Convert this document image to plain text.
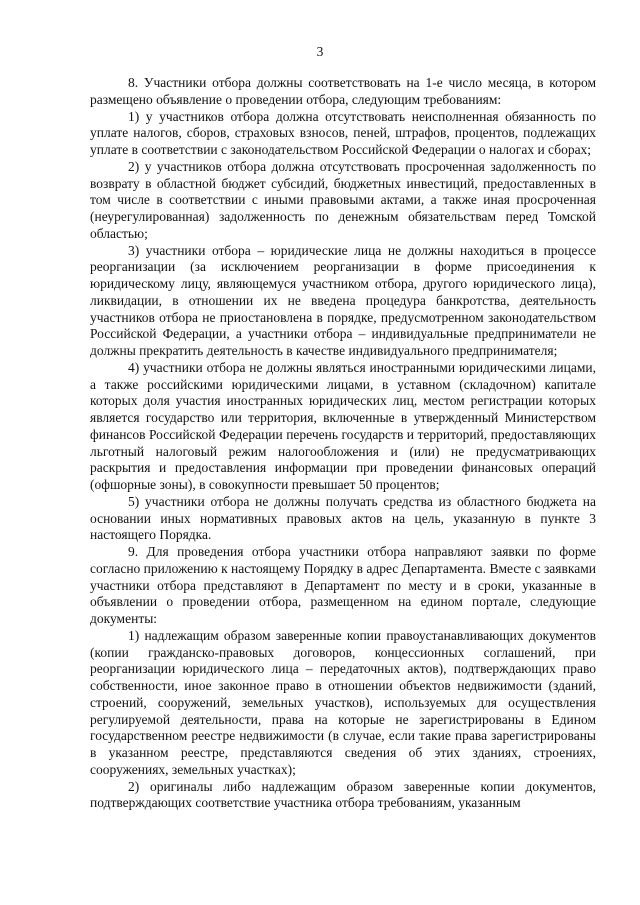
3

8. Участники отбора должны соответствовать на 1-е число месяца, в котором размещено объявление о проведении отбора, следующим требованиям:

1) у участников отбора должна отсутствовать неисполненная обязанность по уплате налогов, сборов, страховых взносов, пеней, штрафов, процентов, подлежащих уплате в соответствии с законодательством Российской Федерации о налогах и сборах;

2) у участников отбора должна отсутствовать просроченная задолженность по возврату в областной бюджет субсидий, бюджетных инвестиций, предоставленных в том числе в соответствии с иными правовыми актами, а также иная просроченная (неурегулированная) задолженность по денежным обязательствам перед Томской областью;

3) участники отбора – юридические лица не должны находиться в процессе реорганизации (за исключением реорганизации в форме присоединения к юридическому лицу, являющемуся участником отбора, другого юридического лица), ликвидации, в отношении их не введена процедура банкротства, деятельность участников отбора не приостановлена в порядке, предусмотренном законодательством Российской Федерации, а участники отбора – индивидуальные предприниматели не должны прекратить деятельность в качестве индивидуального предпринимателя;

4) участники отбора не должны являться иностранными юридическими лицами, а также российскими юридическими лицами, в уставном (складочном) капитале которых доля участия иностранных юридических лиц, местом регистрации которых является государство или территория, включенные в утвержденный Министерством финансов Российской Федерации перечень государств и территорий, предоставляющих льготный налоговый режим налогообложения и (или) не предусматривающих раскрытия и предоставления информации при проведении финансовых операций (офшорные зоны), в совокупности превышает 50 процентов;

5) участники отбора не должны получать средства из областного бюджета на основании иных нормативных правовых актов на цель, указанную в пункте 3 настоящего Порядка.

9. Для проведения отбора участники отбора направляют заявки по форме согласно приложению к настоящему Порядку в адрес Департамента. Вместе с заявками участники отбора представляют в Департамент по месту и в сроки, указанные в объявлении о проведении отбора, размещенном на едином портале, следующие документы:

1) надлежащим образом заверенные копии правоустанавливающих документов (копии гражданско-правовых договоров, концессионных соглашений, при реорганизации юридического лица – передаточных актов), подтверждающих право собственности, иное законное право в отношении объектов недвижимости (зданий, строений, сооружений, земельных участков), используемых для осуществления регулируемой деятельности, права на которые не зарегистрированы в Едином государственном реестре недвижимости (в случае, если такие права зарегистрированы в указанном реестре, представляются сведения об этих зданиях, строениях, сооружениях, земельных участках);

2) оригиналы либо надлежащим образом заверенные копии документов, подтверждающих соответствие участника отбора требованиям, указанным
